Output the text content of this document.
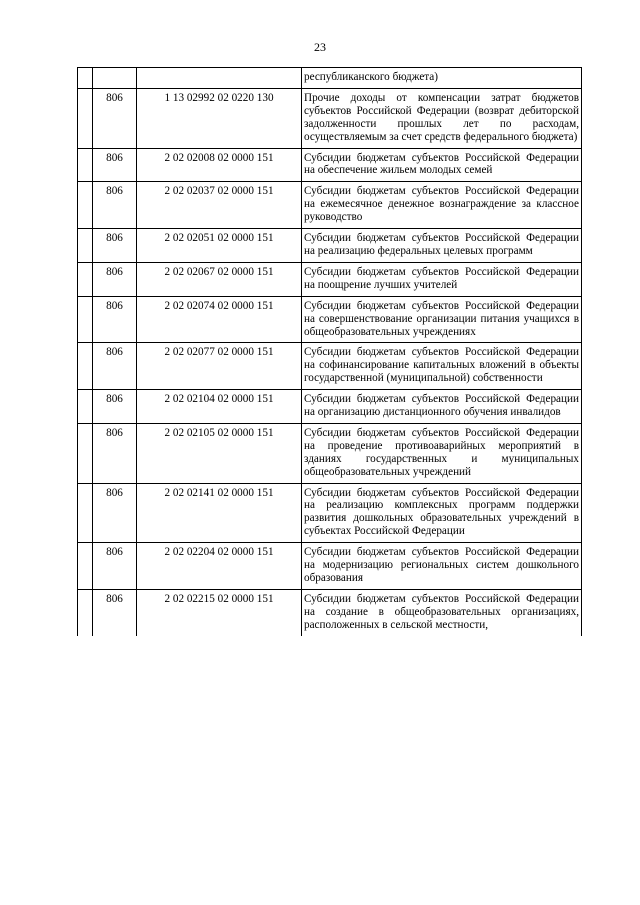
23
			республиканского бюджета)
	806	1 13 02992 02 0220 130	Прочие доходы от компенсации затрат бюджетов субъектов Российской Федерации (возврат дебиторской задолженности прошлых лет по расходам, осуществляемым за счет средств федерального бюджета)
	806	2 02 02008 02 0000 151	Субсидии бюджетам субъектов Российской Федерации на обеспечение жильем молодых семей
	806	2 02 02037 02 0000 151	Субсидии бюджетам субъектов Российской Федерации на ежемесячное денежное вознаграждение за классное руководство
	806	2 02 02051 02 0000 151	Субсидии бюджетам субъектов Российской Федерации на реализацию федеральных целевых программ
	806	2 02 02067 02 0000 151	Субсидии бюджетам субъектов Российской Федерации на поощрение лучших учителей
	806	2 02 02074 02 0000 151	Субсидии бюджетам субъектов Российской Федерации на совершенствование организации питания учащихся в общеобразовательных учреждениях
	806	2 02 02077 02 0000 151	Субсидии бюджетам субъектов Российской Федерации на софинансирование капитальных вложений в объекты государственной (муниципальной) собственности
	806	2 02 02104 02 0000 151	Субсидии бюджетам субъектов Российской Федерации на организацию дистанционного обучения инвалидов
	806	2 02 02105 02 0000 151	Субсидии бюджетам субъектов Российской Федерации на проведение противоаварийных мероприятий в зданиях государственных и муниципальных общеобразовательных учреждений
	806	2 02 02141 02 0000 151	Субсидии бюджетам субъектов Российской Федерации на реализацию комплексных программ поддержки развития дошкольных образовательных учреждений в субъектах Российской Федерации
	806	2 02 02204 02 0000 151	Субсидии бюджетам субъектов Российской Федерации на модернизацию региональных систем дошкольного образования
	806	2 02 02215 02 0000 151	Субсидии бюджетам субъектов Российской Федерации на создание в общеобразовательных организациях, расположенных в сельской местности,
